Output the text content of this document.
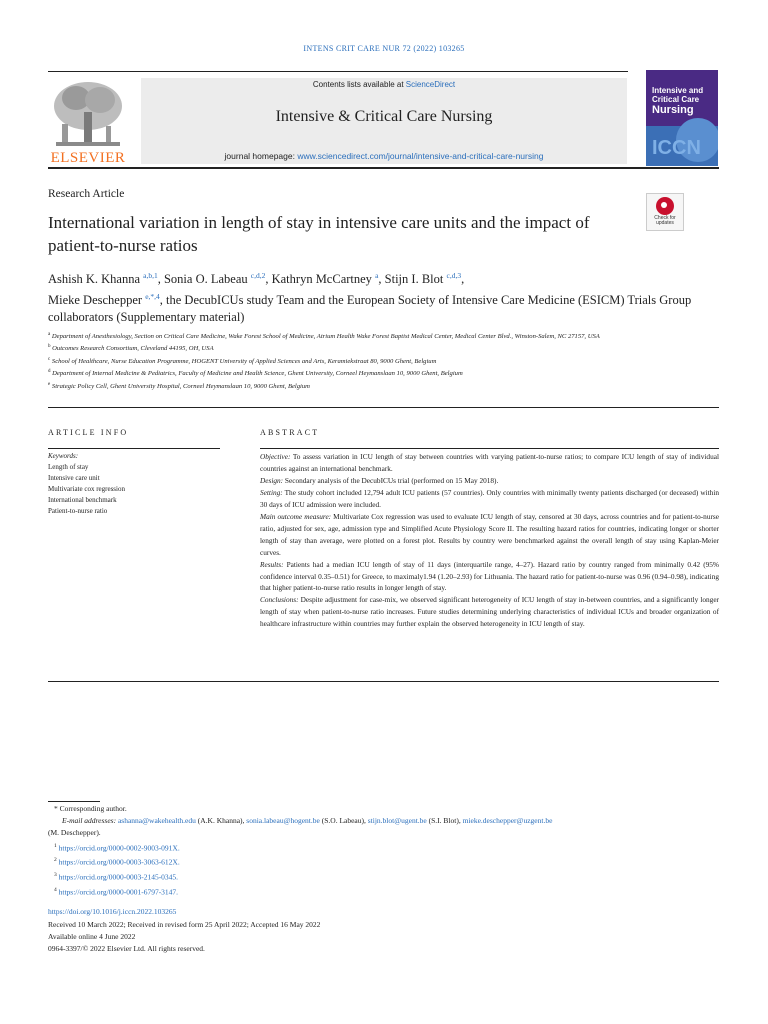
INTENS CRIT CARE NUR 72 (2022) 103265
ELSEVIER
Contents lists available at ScienceDirect
Intensive & Critical Care Nursing
journal homepage: www.sciencedirect.com/journal/intensive-and-critical-care-nursing
Intensive and
Critical Care
Nursing
ICCN
Research Article
International variation in length of stay in intensive care units and the impact of patient-to-nurse ratios
Check for updates
Ashish K. Khanna $^{a,b,1}$, Sonia O. Labeau $^{c,d,2}$, Kathryn McCartney $^a$, Stijn I. Blot $^{c,d,3}$,
Mieke Deschepper $^{e,*,4}$, the DecubICUs study Team and the European Society of Intensive Care Medicine (ESICM) Trials Group collaborators (Supplementary material)
$^a$ Department of Anesthesiology, Section on Critical Care Medicine, Wake Forest School of Medicine, Atrium Health Wake Forest Baptist Medical Center, Medical Center Blvd., Winston-Salem, NC 27157, USA
$^b$ Outcomes Research Consortium, Cleveland 44195, OH, USA
$^c$ School of Healthcare, Nurse Education Programme, HOGENT University of Applied Sciences and Arts, Keramiekstraat 80, 9000 Ghent, Belgium
$^d$ Department of Internal Medicine & Pediatrics, Faculty of Medicine and Health Science, Ghent University, Corneel Heymanslaan 10, 9000 Ghent, Belgium
$^e$ Strategic Policy Cell, Ghent University Hospital, Corneel Heymanslaan 10, 9000 Ghent, Belgium
ARTICLE INFO
Keywords:
Length of stay
Intensive care unit
Multivariate cox regression
International benchmark
Patient-to-nurse ratio
ABSTRACT

Objective: To assess variation in ICU length of stay between countries with varying patient-to-nurse ratios; to compare ICU length of stay of individual countries against an international benchmark.

Design: Secondary analysis of the DecubICUs trial (performed on 15 May 2018).

Setting: The study cohort included 12,794 adult ICU patients (57 countries). Only countries with minimally twenty patients discharged (or deceased) within 30 days of ICU admission were included.

Main outcome measure: Multivariate Cox regression was used to evaluate ICU length of stay, censored at 30 days, across countries and for patient-to-nurse ratio, adjusted for sex, age, admission type and Simplified Acute Physiology Score II. The resulting hazard ratios for countries, indicating longer or shorter length of stay than average, were plotted on a forest plot. Results by country were benchmarked against the overall length of stay using Kaplan-Meier curves.

Results: Patients had a median ICU length of stay of 11 days (interquartile range, 4–27). Hazard ratio by country ranged from minimally 0.42 (95% confidence interval 0.35–0.51) for Greece, to maximaly1.94 (1.20–2.93) for Lithuania. The hazard ratio for patient-to-nurse was 0.96 (0.94–0.98), indicating that higher patient-to-nurse ratio results in longer length of stay.

Conclusions: Despite adjustment for case-mix, we observed significant heterogeneity of ICU length of stay in-between countries, and a significantly longer length of stay when patient-to-nurse ratio increases. Future studies determining underlying characteristics of individual ICUs and broader organization of healthcare infrastructure within countries may further explain the observed heterogeneity in ICU length of stay.

* Corresponding author.
E-mail addresses: ashanna@wakehealth.edu (A.K. Khanna), sonia.labeau@hogent.be (S.O. Labeau), stijn.blot@ugent.be (S.I. Blot), mieke.deschepper@uzgent.be
(M. Deschepper).
$^1$ https://orcid.org/0000-0002-9003-091X.
$^2$ https://orcid.org/0000-0003-3063-612X.
$^3$ https://orcid.org/0000-0003-2145-0345.
$^4$ https://orcid.org/0000-0001-6797-3147.
https://doi.org/10.1016/j.iccn.2022.103265
Received 10 March 2022; Received in revised form 25 April 2022; Accepted 16 May 2022
Available online 4 June 2022
0964-3397/© 2022 Elsevier Ltd. All rights reserved.
